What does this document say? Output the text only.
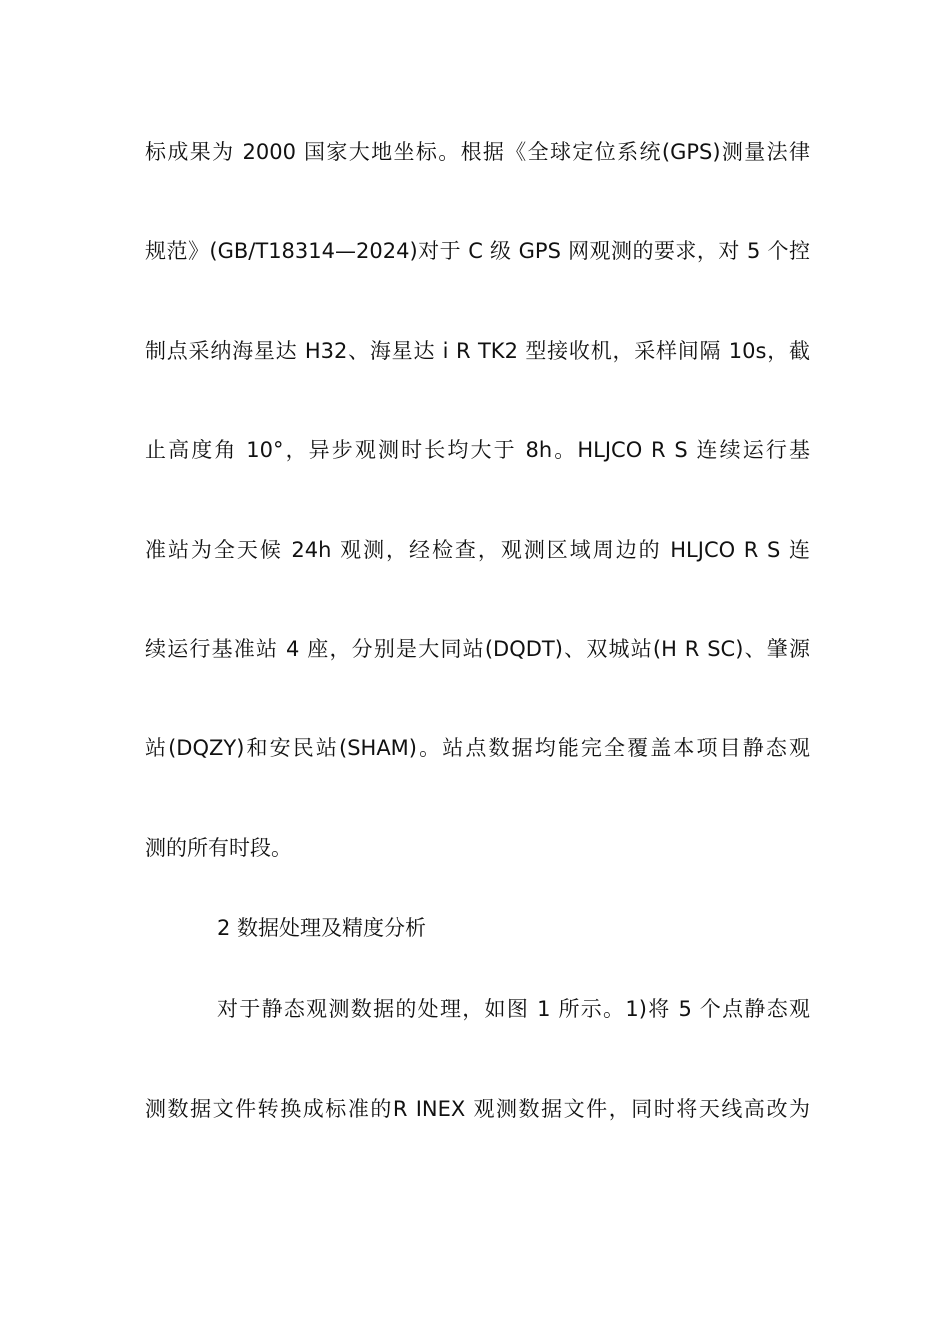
标成果为 2000 国家大地坐标。根据《全球定位系统(GPS)测量法律
规范》(GB/T18314—2024)对于 C 级 GPS 网观测的要求，对 5 个控
制点采纳海星达 H32、海星达 i R TK2 型接收机，采样间隔 10s，截
止高度角 10°，异步观测时长均大于 8h。HLJCO R S 连续运行基
准站为全天候 24h 观测，经检查，观测区域周边的 HLJCO R S 连
续运行基准站 4 座，分别是大同站(DQDT)、双城站(H R SC)、肇源
站(DQZY)和安民站(SHAM)。站点数据均能完全覆盖本项目静态观
测的所有时段。
2 数据处理及精度分析
对于静态观测数据的处理，如图 1 所示。1)将 5 个点静态观
测数据文件转换成标准的R INEX 观测数据文件，同时将天线高改为
